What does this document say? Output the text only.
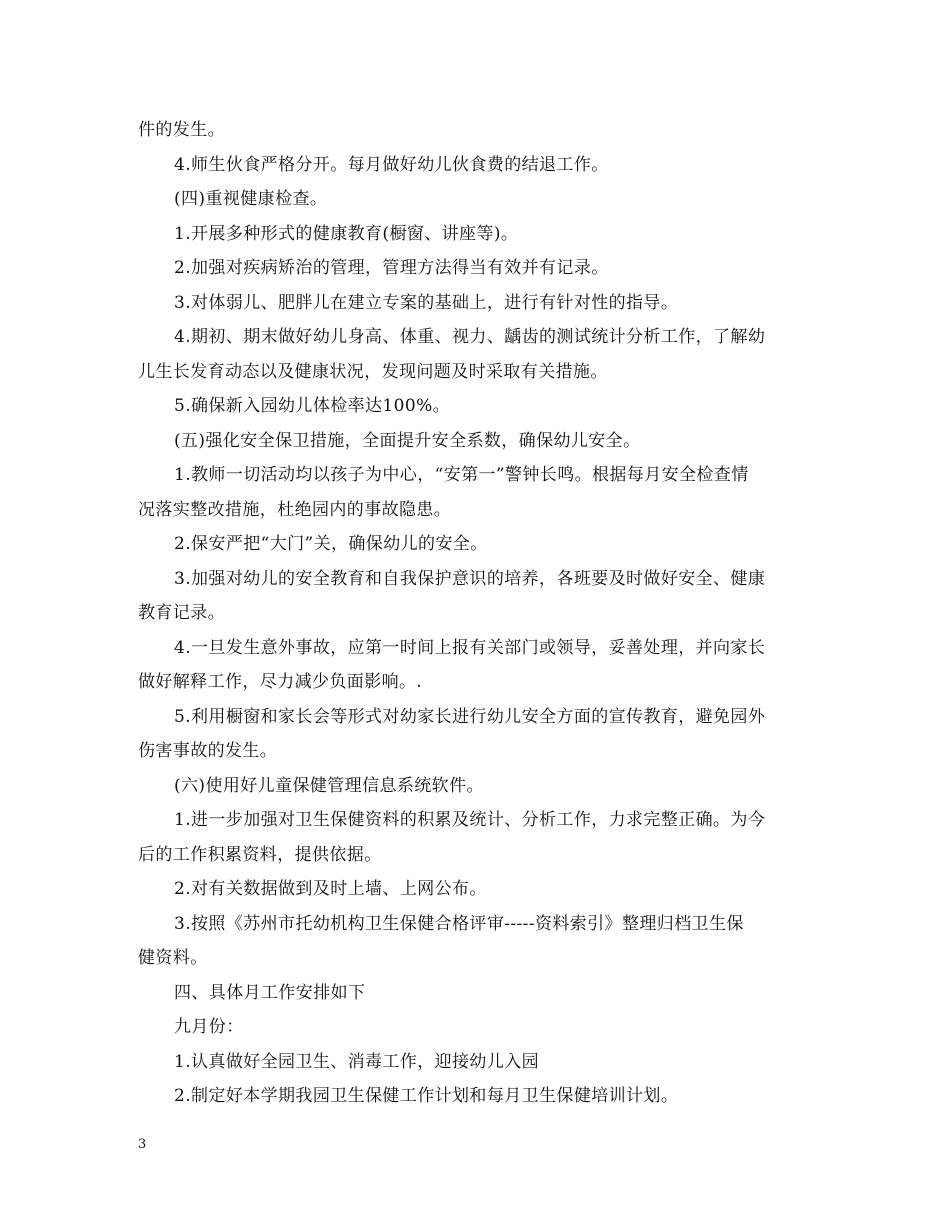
件的发生。
4.师生伙食严格分开。每月做好幼儿伙食费的结退工作。
(四)重视健康检查。
1.开展多种形式的健康教育(橱窗、讲座等)。
2.加强对疾病矫治的管理，管理方法得当有效并有记录。
3.对体弱儿、肥胖儿在建立专案的基础上，进行有针对性的指导。
4.期初、期末做好幼儿身高、体重、视力、龋齿的测试统计分析工作，了解幼
儿生长发育动态以及健康状况，发现问题及时采取有关措施。
5.确保新入园幼儿体检率达100%。
(五)强化安全保卫措施，全面提升安全系数，确保幼儿安全。
1.教师一切活动均以孩子为中心，“安第一”警钟长鸣。根据每月安全检查情
况落实整改措施，杜绝园内的事故隐患。
2.保安严把“大门”关，确保幼儿的安全。
3.加强对幼儿的安全教育和自我保护意识的培养，各班要及时做好安全、健康
教育记录。
4.一旦发生意外事故，应第一时间上报有关部门或领导，妥善处理，并向家长
做好解释工作，尽力减少负面影响。.
5.利用橱窗和家长会等形式对幼家长进行幼儿安全方面的宣传教育，避免园外
伤害事故的发生。
(六)使用好儿童保健管理信息系统软件。
1.进一步加强对卫生保健资料的积累及统计、分析工作，力求完整正确。为今
后的工作积累资料，提供依据。
2.对有关数据做到及时上墙、上网公布。
3.按照《苏州市托幼机构卫生保健合格评审-----资料索引》整理归档卫生保
健资料。
四、具体月工作安排如下
九月份：
1.认真做好全园卫生、消毒工作，迎接幼儿入园
2.制定好本学期我园卫生保健工作计划和每月卫生保健培训计划。
3
